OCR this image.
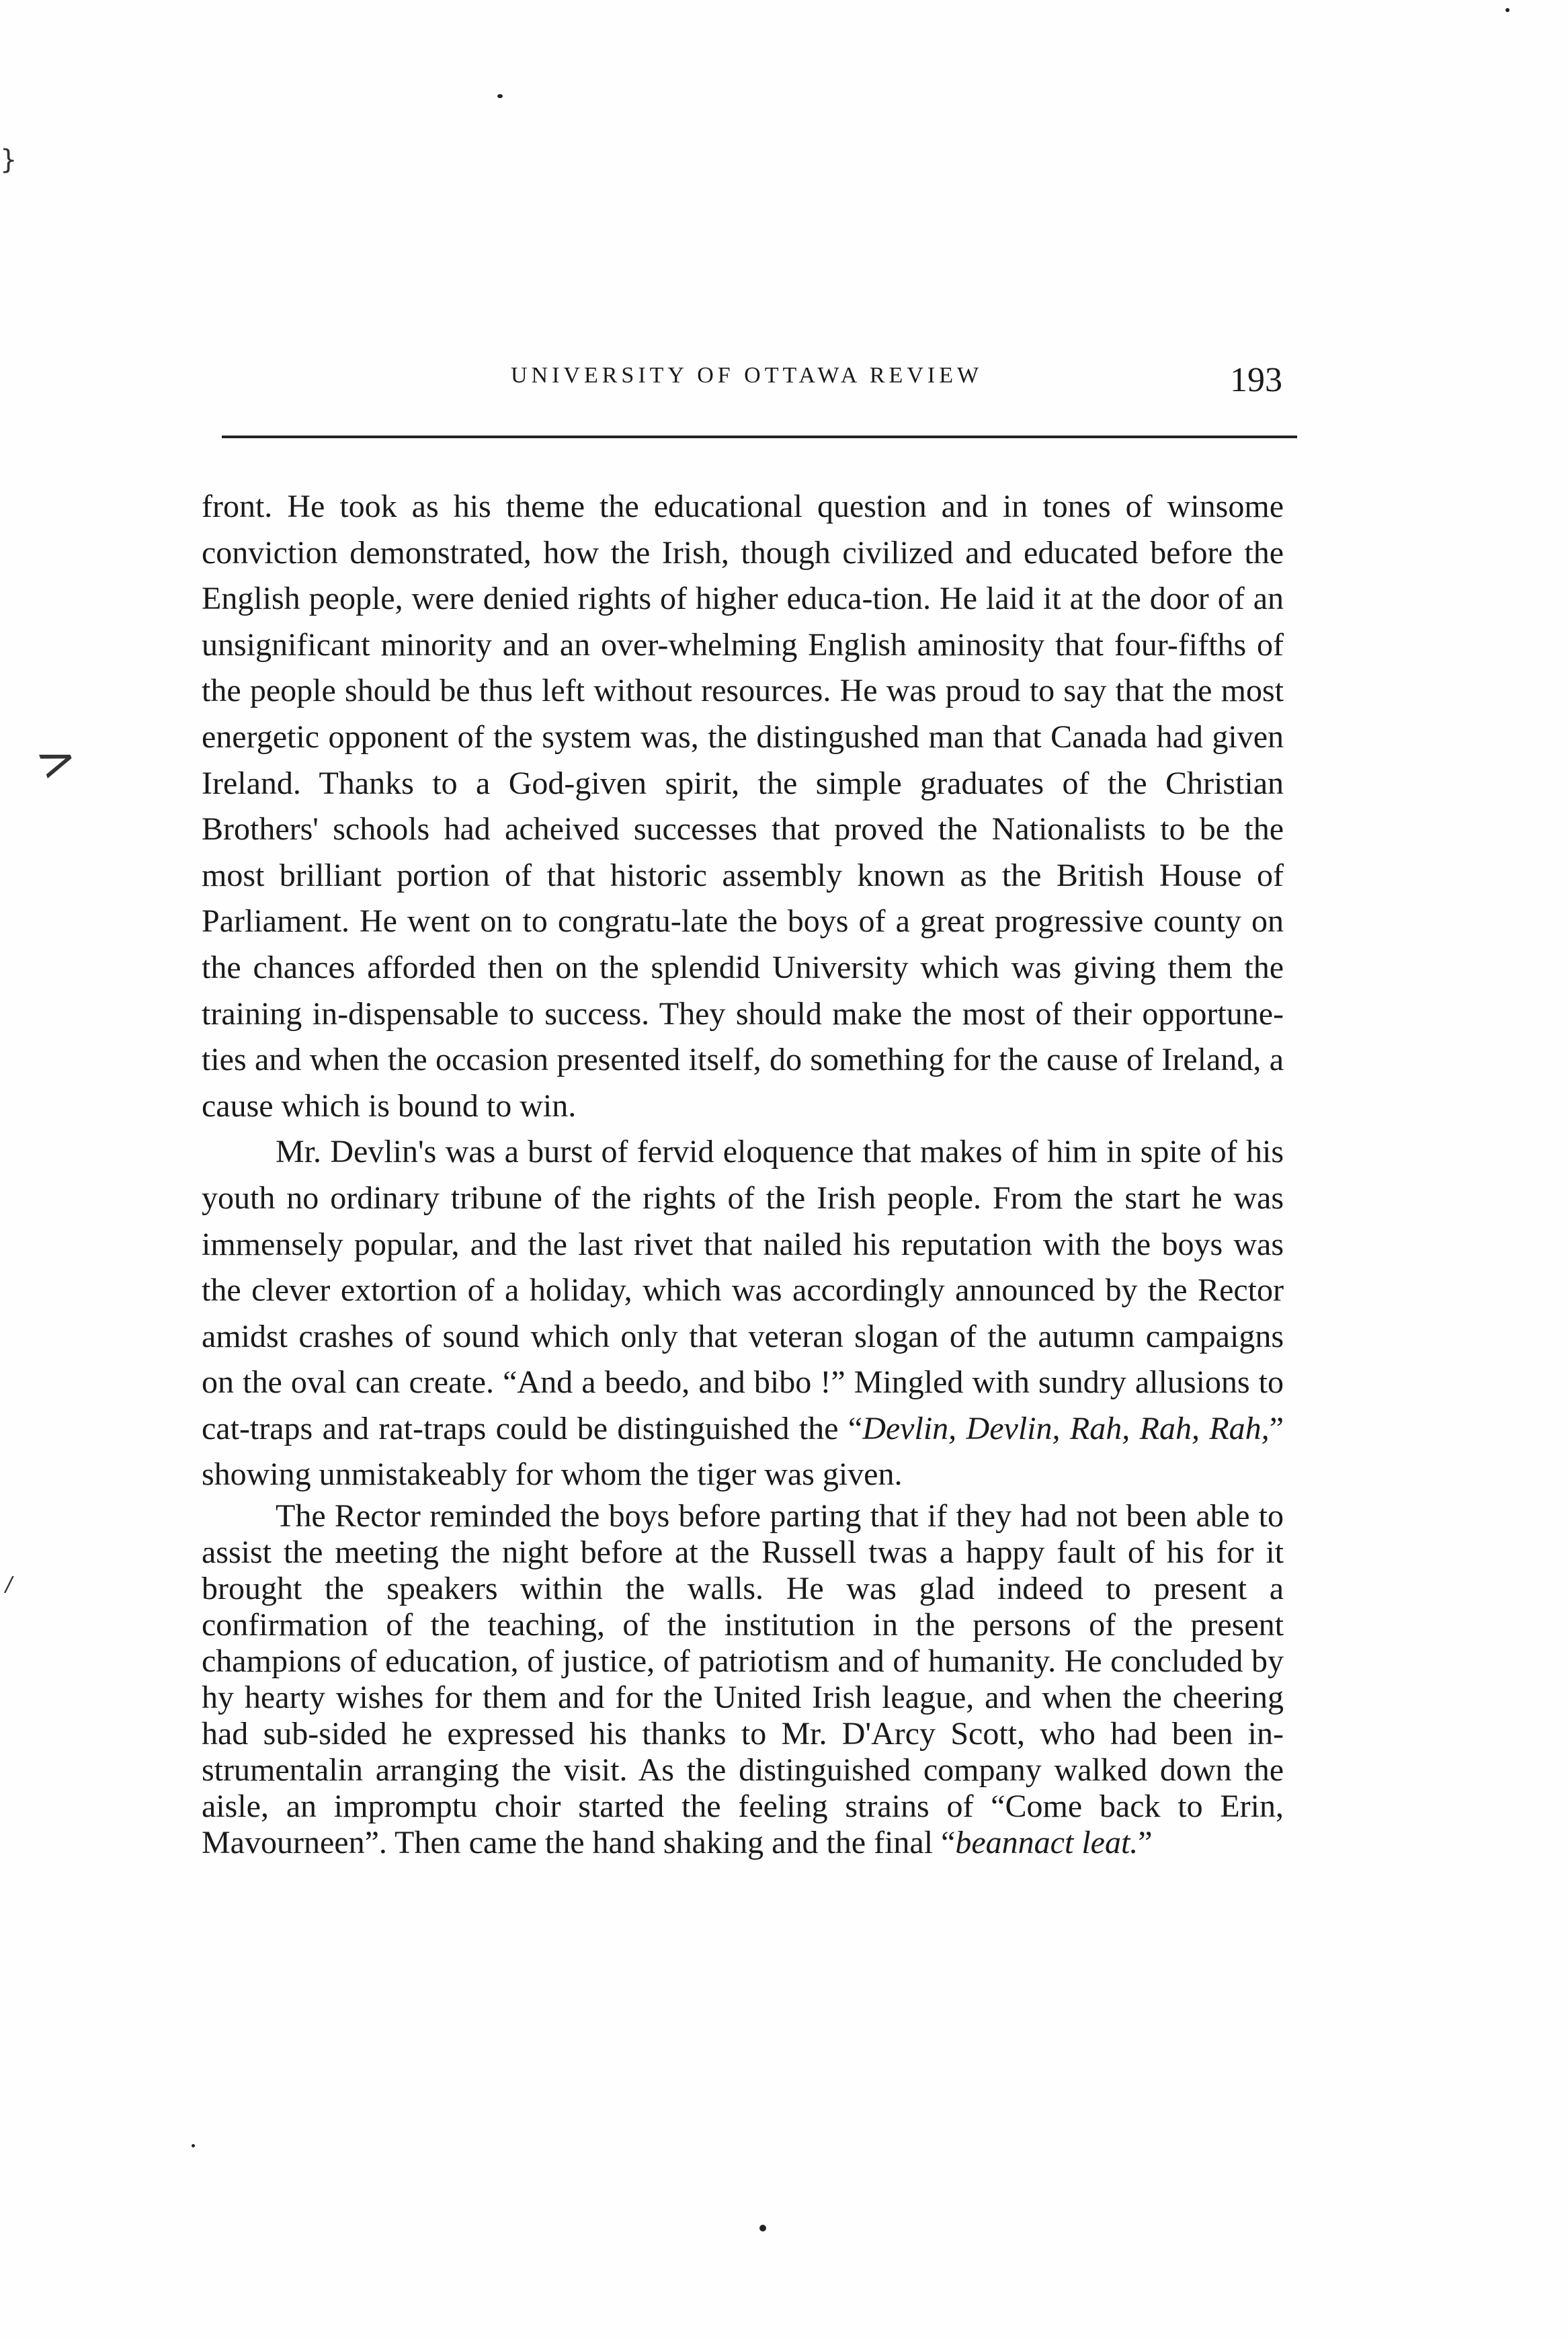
}
>
/
UNIVERSITY OF OTTAWA REVIEW	193

front. He took as his theme the educational question and in tones of winsome conviction demonstrated, how the Irish, though civilized and educated before the English people, were denied rights of higher educa-tion. He laid it at the door of an unsignificant minority and an over-whelming English aminosity that four-fifths of the people should be thus left without resources. He was proud to say that the most energetic opponent of the system was, the distingushed man that Canada had given Ireland. Thanks to a God-given spirit, the simple graduates of the Christian Brothers' schools had acheived successes that proved the Nationalists to be the most brilliant portion of that historic assembly known as the British House of Parliament. He went on to congratu-late the boys of a great progressive county on the chances afforded then on the splendid University which was giving them the training in-dispensable to success. They should make the most of their opportune-ties and when the occasion presented itself, do something for the cause of Ireland, a cause which is bound to win.

Mr. Devlin's was a burst of fervid eloquence that makes of him in spite of his youth no ordinary tribune of the rights of the Irish people. From the start he was immensely popular, and the last rivet that nailed his reputation with the boys was the clever extortion of a holiday, which was accordingly announced by the Rector amidst crashes of sound which only that veteran slogan of the autumn campaigns on the oval can create. “And a beedo, and bibo !” Mingled with sundry allusions to cat-traps and rat-traps could be distinguished the “Devlin, Devlin, Rah, Rah, Rah,” showing unmistakeably for whom the tiger was given.

The Rector reminded the boys before parting that if they had not been able to assist the meeting the night before at the Russell twas a happy fault of his for it brought the speakers within the walls. He was glad indeed to present a confirmation of the teaching, of the institution in the persons of the present champions of education, of justice, of patriotism and of humanity. He concluded by hy hearty wishes for them and for the United Irish league, and when the cheering had sub-sided he expressed his thanks to Mr. D'Arcy Scott, who had been in-strumentalin arranging the visit. As the distinguished company walked down the aisle, an impromptu choir started the feeling strains of “Come back to Erin, Mavourneen”. Then came the hand shaking and the final “beannact leat.”
